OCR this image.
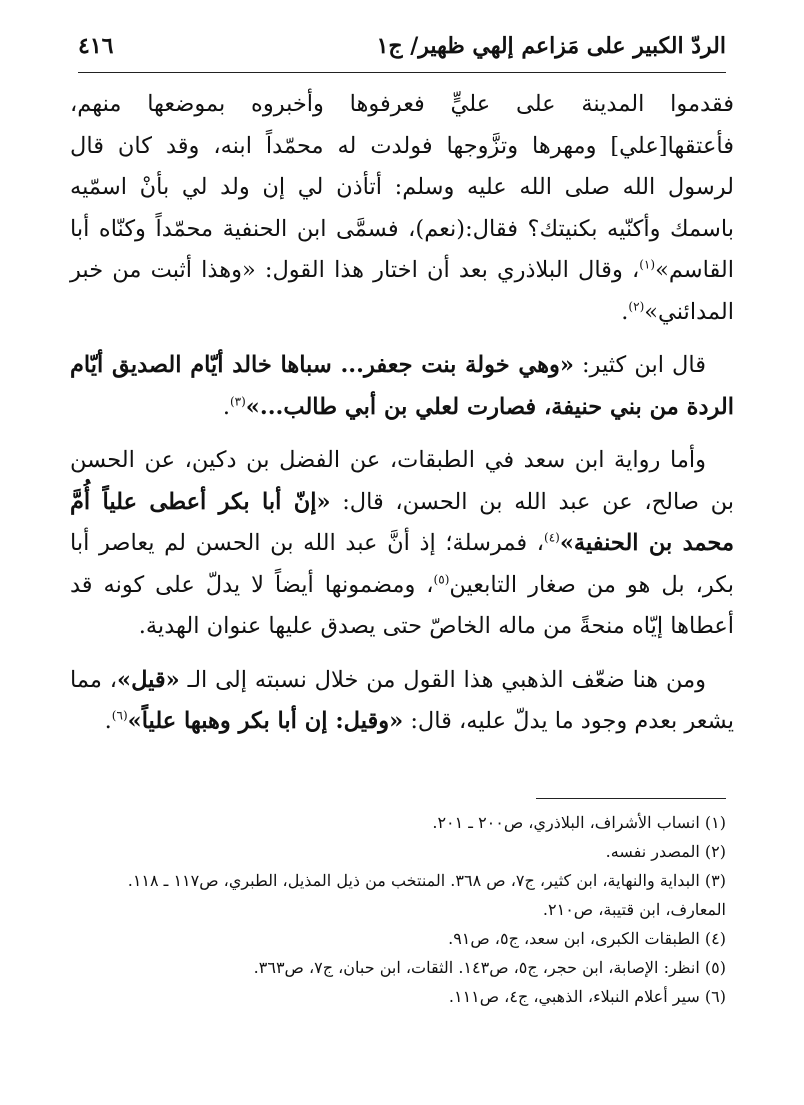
الردّ الكبير على مَزاعم إلهي ظهير/ ج١
٤١٦

فقدموا المدينة على عليٍّ فعرفوها وأخبروه بموضعها منهم، فأعتقها[علي] ومهرها وتزَّوجها فولدت له محمّداً ابنه، وقد كان قال لرسول الله صلى الله عليه وسلم: أتأذن لي إن ولد لي بأنْ اسمّيه باسمك وأكنّيه بكنيتك؟ فقال:(نعم)، فسمَّى ابن الحنفية محمّداً وكنّاه أبا القاسم»$^{(١)}$، وقال البلاذري بعد أن اختار هذا القول: «وهذا أثبت من خبر المدائني»$^{(٢)}$.

قال ابن كثير: «وهي خولة بنت جعفر... سباها خالد أيّام الصديق أيّام الردة من بني حنيفة، فصارت لعلي بن أبي طالب...»$^{(٣)}$.

وأما رواية ابن سعد في الطبقات، عن الفضل بن دكين، عن الحسن بن صالح، عن عبد الله بن الحسن، قال: «إنّ أبا بكر أعطى علياً أُمَّ محمد بن الحنفية»$^{(٤)}$، فمرسلة؛ إذ أنَّ عبد الله بن الحسن لم يعاصر أبا بكر، بل هو من صغار التابعين$^{(٥)}$، ومضمونها أيضاً لا يدلّ على كونه قد أعطاها إيّاه منحةً من ماله الخاصّ حتى يصدق عليها عنوان الهدية.

ومن هنا ضعّف الذهبي هذا القول من خلال نسبته إلى الـ «قيل»، مما يشعر بعدم وجود ما يدلّ عليه، قال: «وقيل: إن أبا بكر وهبها علياً»$^{(٦)}$.

(١) انساب الأشراف، البلاذري، ص٢٠٠ ـ ٢٠١.

(٢) المصدر نفسه.

(٣) البداية والنهاية، ابن كثير، ج٧، ص ٣٦٨. المنتخب من ذيل المذيل، الطبري، ص١١٧ ـ ١١٨.

المعارف، ابن قتيبة، ص٢١٠.

(٤) الطبقات الكبرى، ابن سعد، ج٥، ص٩١.

(٥) انظر: الإصابة، ابن حجر، ج٥، ص١٤٣. الثقات، ابن حبان، ج٧، ص٣٦٣.

(٦) سير أعلام النبلاء، الذهبي، ج٤، ص١١١.
